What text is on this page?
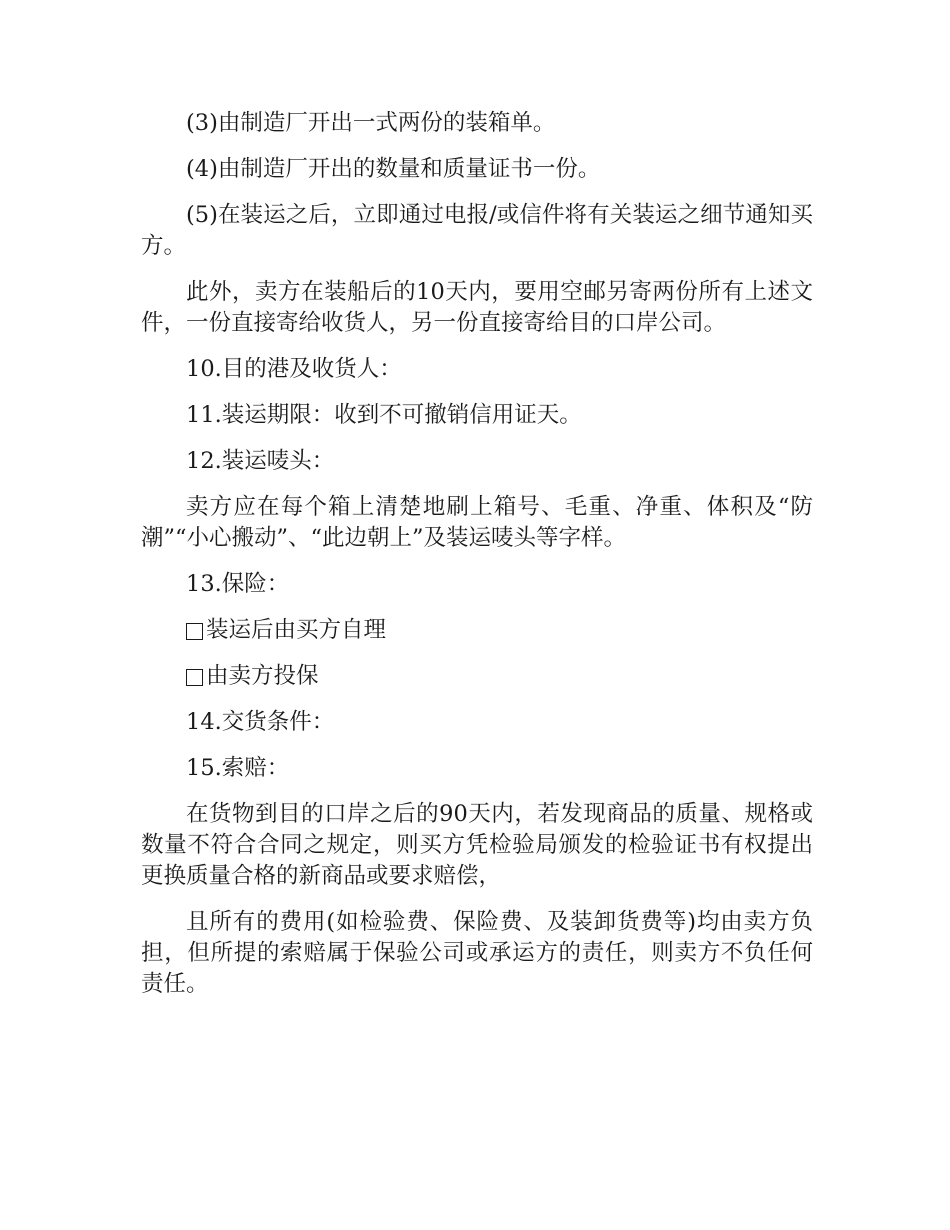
(3)由制造厂开出一式两份的装箱单。

(4)由制造厂开出的数量和质量证书一份。

(5)在装运之后，立即通过电报/或信件将有关装运之细节通知买方。

此外，卖方在装船后的10天内，要用空邮另寄两份所有上述文件，一份直接寄给收货人，另一份直接寄给目的口岸公司。

10.目的港及收货人：

11.装运期限：收到不可撤销信用证天。

12.装运唛头：

卖方应在每个箱上清楚地刷上箱号、毛重、净重、体积及“防潮”“小心搬动”、“此边朝上”及装运唛头等字样。

13.保险：

装运后由买方自理
由卖方投保

14.交货条件：

15.索赔：

在货物到目的口岸之后的90天内，若发现商品的质量、规格或数量不符合合同之规定，则买方凭检验局颁发的检验证书有权提出更换质量合格的新商品或要求赔偿，

且所有的费用(如检验费、保险费、及装卸货费等)均由卖方负担，但所提的索赔属于保验公司或承运方的责任，则卖方不负任何责任。
